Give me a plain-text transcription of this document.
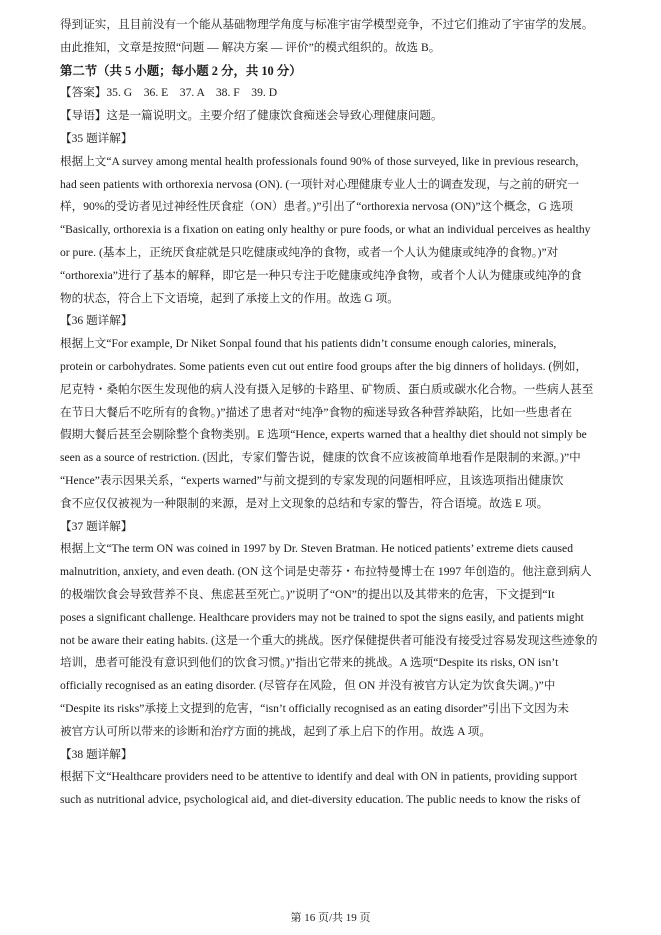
得到证实，且目前没有一个能从基础物理学角度与标准宇宙学模型竞争，不过它们推动了宇宙学的发展。
由此推知，文章是按照“问题 — 解决方案 — 评价”的模式组织的。故选 B。
第二节（共 5 小题；每小题 2 分，共 10 分）
【答案】35. G　36. E　37. A　38. F　39. D
【导语】这是一篇说明文。主要介绍了健康饮食痴迷会导致心理健康问题。
【35 题详解】
根据上文“A survey among mental health professionals found 90% of those surveyed, like in previous research,
had seen patients with orthorexia nervosa (ON). (一项针对心理健康专业人士的调查发现，与之前的研究一
样，90%的受访者见过神经性厌食症（ON）患者。)”引出了“orthorexia nervosa (ON)”这个概念，G 选项
“Basically, orthorexia is a fixation on eating only healthy or pure foods, or what an individual perceives as healthy
or pure. (基本上，正统厌食症就是只吃健康或纯净的食物，或者一个人认为健康或纯净的食物。)”对
“orthorexia”进行了基本的解释，即它是一种只专注于吃健康或纯净食物，或者个人认为健康或纯净的食
物的状态，符合上下文语境，起到了承接上文的作用。故选 G 项。
【36 题详解】
根据上文“For example, Dr Niket Sonpal found that his patients didn’t consume enough calories, minerals,
protein or carbohydrates. Some patients even cut out entire food groups after the big dinners of holidays. (例如，
尼克特・桑帕尔医生发现他的病人没有摄入足够的卡路里、矿物质、蛋白质或碳水化合物。一些病人甚至
在节日大餐后不吃所有的食物。)”描述了患者对“纯净”食物的痴迷导致各种营养缺陷，比如一些患者在
假期大餐后甚至会剔除整个食物类别。E 选项“Hence, experts warned that a healthy diet should not simply be
seen as a source of restriction. (因此，专家们警告说，健康的饮食不应该被简单地看作是限制的来源。)”中
“Hence”表示因果关系，“experts warned”与前文提到的专家发现的问题相呼应，且该选项指出健康饮
食不应仅仅被视为一种限制的来源，是对上文现象的总结和专家的警告，符合语境。故选 E 项。
【37 题详解】
根据上文“The term ON was coined in 1997 by Dr. Steven Bratman. He noticed patients’ extreme diets caused
malnutrition, anxiety, and even death. (ON 这个词是史蒂芬・布拉特曼博士在 1997 年创造的。他注意到病人
的极端饮食会导致营养不良、焦虑甚至死亡。)”说明了“ON”的提出以及其带来的危害，下文提到“It
poses a significant challenge. Healthcare providers may not be trained to spot the signs easily, and patients might
not be aware their eating habits. (这是一个重大的挑战。医疗保健提供者可能没有接受过容易发现这些迹象的
培训，患者可能没有意识到他们的饮食习惯。)”指出它带来的挑战。A 选项“Despite its risks, ON isn’t
officially recognised as an eating disorder. (尽管存在风险，但 ON 并没有被官方认定为饮食失调。)”中
“Despite its risks”承接上文提到的危害，“isn’t officially recognised as an eating disorder”引出下文因为未
被官方认可所以带来的诊断和治疗方面的挑战，起到了承上启下的作用。故选 A 项。
【38 题详解】
根据下文“Healthcare providers need to be attentive to identify and deal with ON in patients, providing support
such as nutritional advice, psychological aid, and diet-diversity education. The public needs to know the risks of
第 16 页/共 19 页
